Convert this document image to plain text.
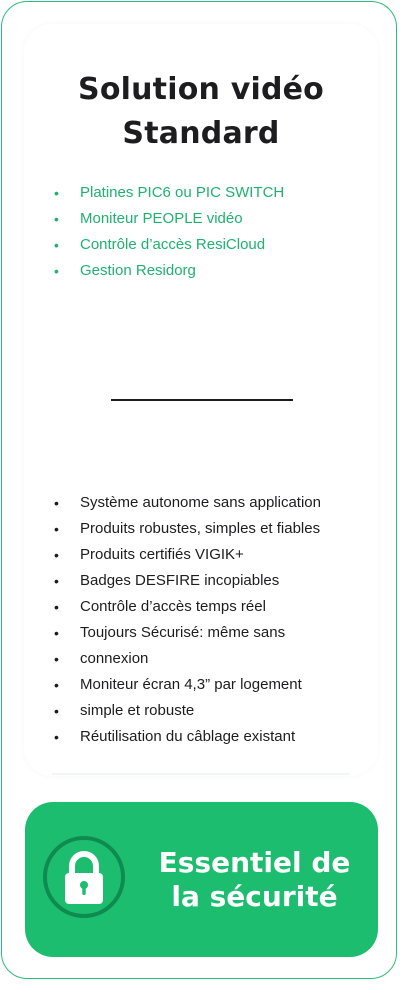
Solution vidéo
Standard
• Platines PIC6 ou PIC SWITCH
• Moniteur PEOPLE vidéo
• Contrôle d’accès ResiCloud
• Gestion Residorg
• Système autonome sans application
• Produits robustes, simples et fiables
• Produits certifiés VIGIK+
• Badges DESFIRE incopiables
• Contrôle d’accès temps réel
• Toujours Sécurisé: même sans
• connexion
• Moniteur écran 4,3” par logement
• simple et robuste
• Réutilisation du câblage existant
Essentiel de
la sécurité
